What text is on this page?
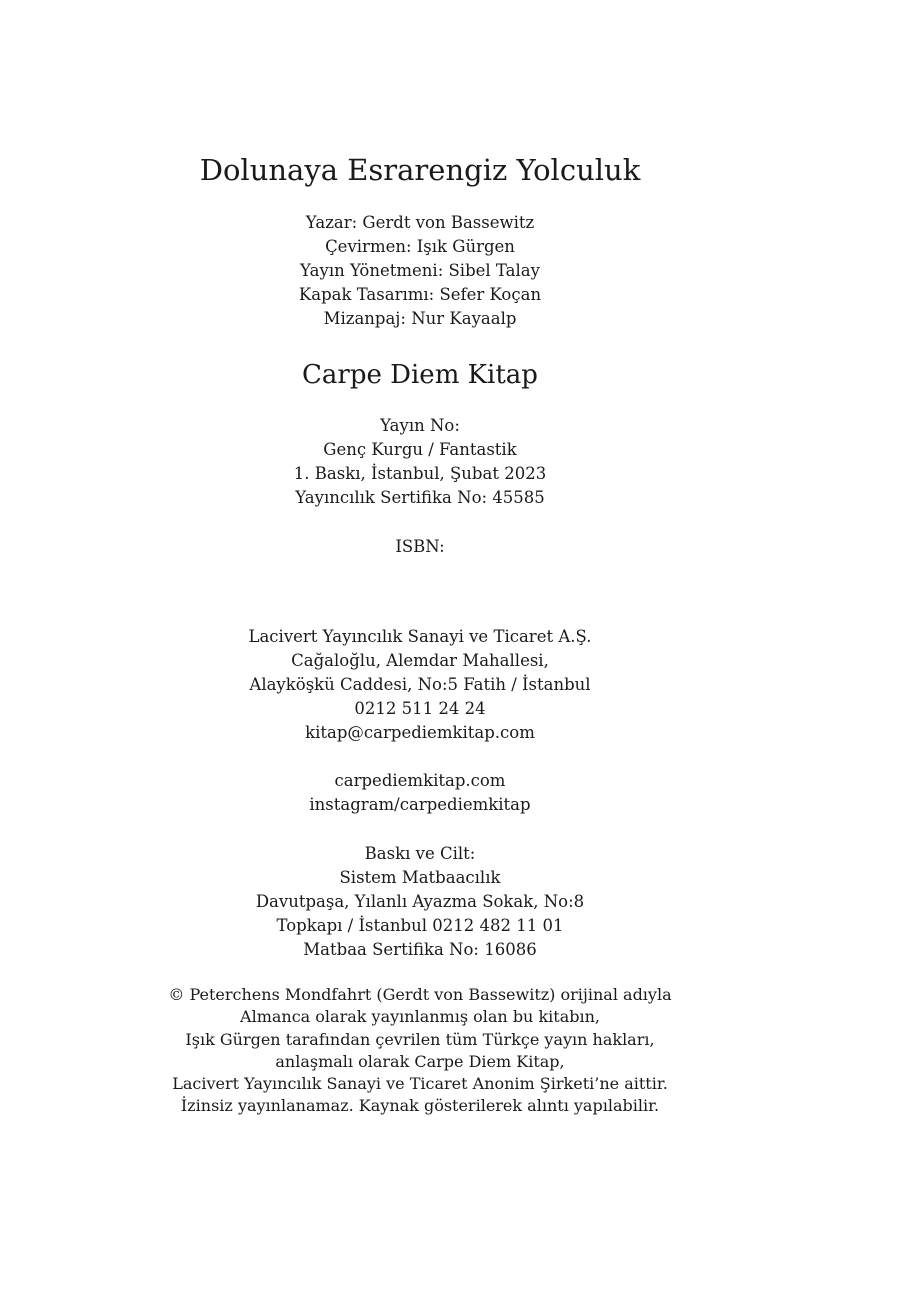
Dolunaya Esrarengiz Yolculuk
Yazar: Gerdt von Bassewitz
Çevirmen: Işık Gürgen
Yayın Yönetmeni: Sibel Talay
Kapak Tasarımı: Sefer Koçan
Mizanpaj: Nur Kayaalp
Carpe Diem Kitap
Yayın No:
Genç Kurgu / Fantastik
1. Baskı, İstanbul, Şubat 2023
Yayıncılık Sertifika No: 45585
ISBN:
Lacivert Yayıncılık Sanayi ve Ticaret A.Ş.
Cağaloğlu, Alemdar Mahallesi,
Alayköşkü Caddesi, No:5 Fatih / İstanbul
0212 511 24 24
kitap@carpediemkitap.com
carpediemkitap.com
instagram/carpediemkitap
Baskı ve Cilt:
Sistem Matbaacılık
Davutpaşa, Yılanlı Ayazma Sokak, No:8
Topkapı / İstanbul 0212 482 11 01
Matbaa Sertifika No: 16086
© Peterchens Mondfahrt (Gerdt von Bassewitz) orijinal adıyla
Almanca olarak yayınlanmış olan bu kitabın,
Işık Gürgen tarafından çevrilen tüm Türkçe yayın hakları,
anlaşmalı olarak Carpe Diem Kitap,
Lacivert Yayıncılık Sanayi ve Ticaret Anonim Şirketi’ne aittir.
İzinsiz yayınlanamaz. Kaynak gösterilerek alıntı yapılabilir.
